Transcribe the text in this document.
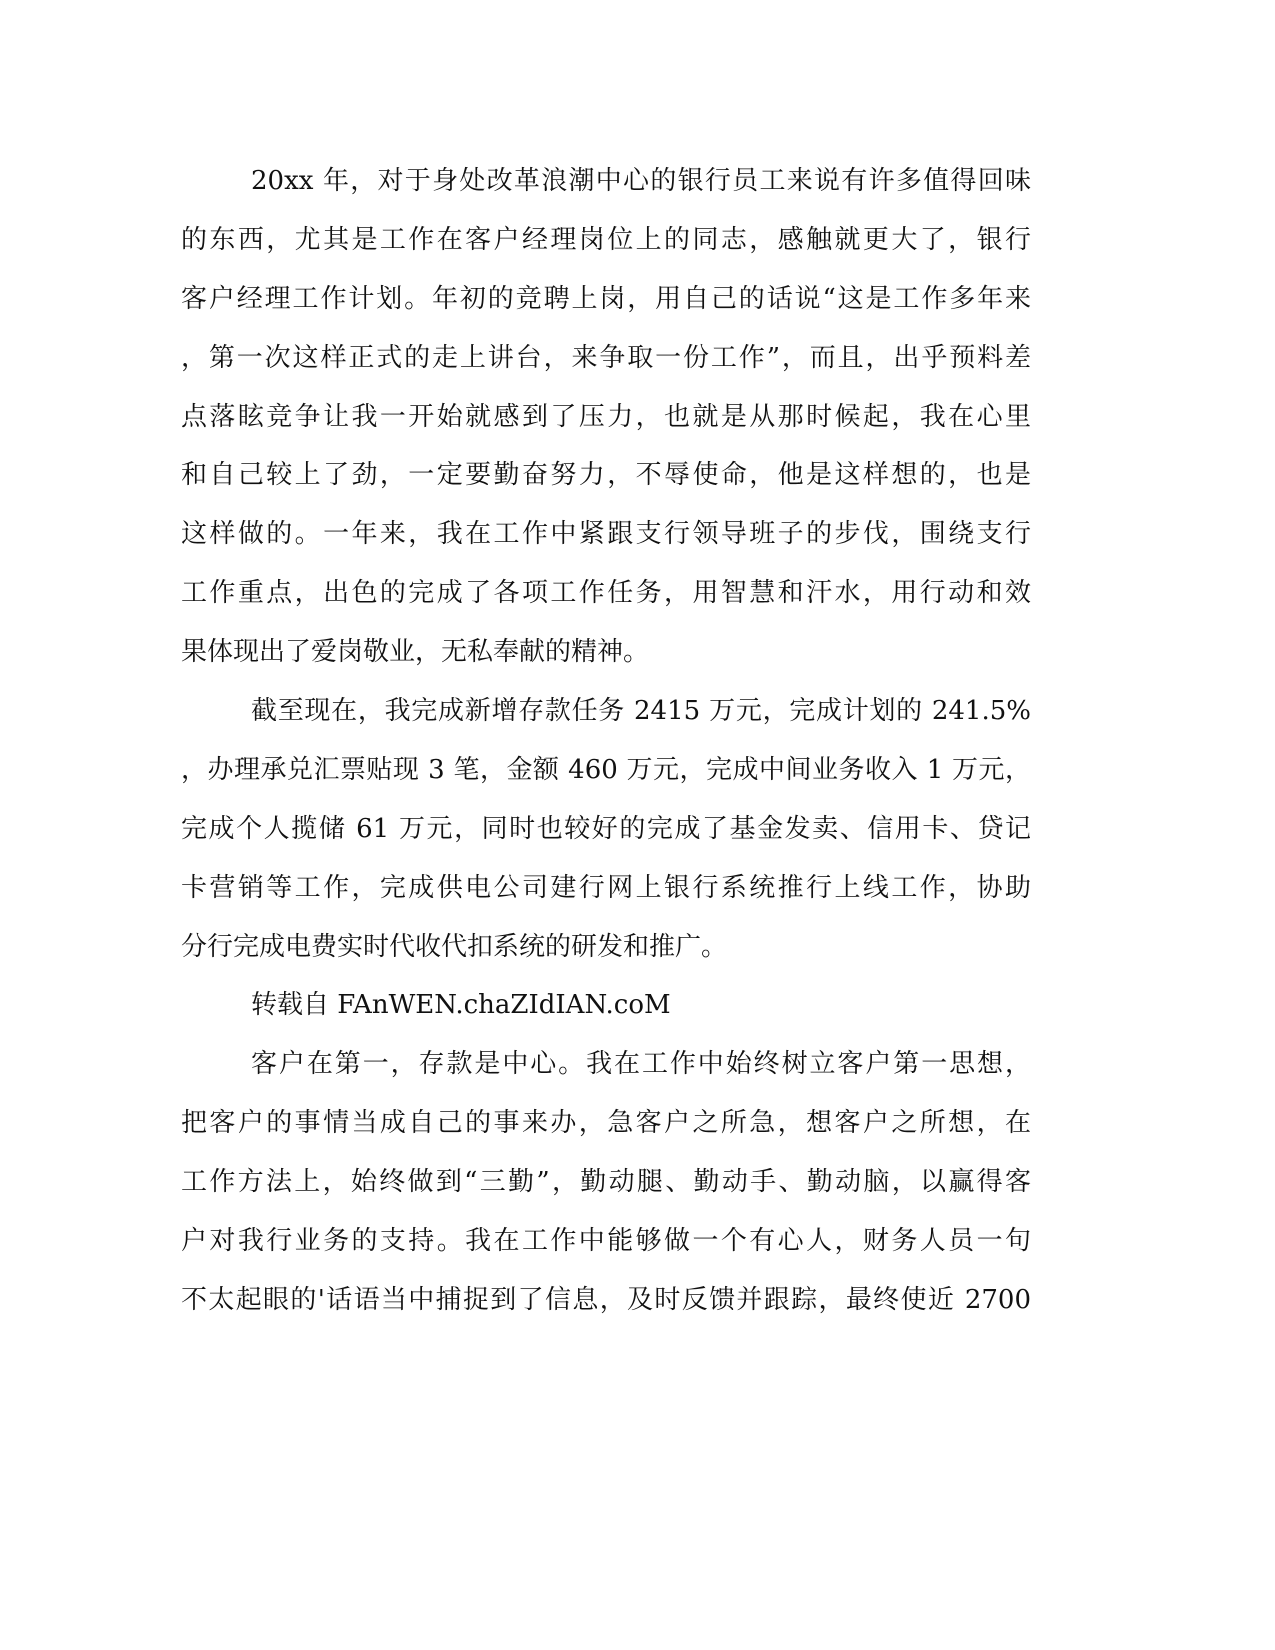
20xx 年，对于身处改革浪潮中心的银行员工来说有许多值得回味
的东西，尤其是工作在客户经理岗位上的同志，感触就更大了，银行
客户经理工作计划。年初的竞聘上岗，用自己的话说“这是工作多年来
，第一次这样正式的走上讲台，来争取一份工作”，而且，出乎预料差
点落眩竞争让我一开始就感到了压力，也就是从那时候起，我在心里
和自己较上了劲，一定要勤奋努力，不辱使命，他是这样想的，也是
这样做的。一年来，我在工作中紧跟支行领导班子的步伐，围绕支行
工作重点，出色的完成了各项工作任务，用智慧和汗水，用行动和效
果体现出了爱岗敬业，无私奉献的精神。
截至现在，我完成新增存款任务 2415 万元，完成计划的 241.5%
，办理承兑汇票贴现 3 笔，金额 460 万元，完成中间业务收入 1 万元，
完成个人揽储 61 万元，同时也较好的完成了基金发卖、信用卡、贷记
卡营销等工作，完成供电公司建行网上银行系统推行上线工作，协助
分行完成电费实时代收代扣系统的研发和推广。
转载自 FAnWEN.chaZIdIAN.coM
客户在第一，存款是中心。我在工作中始终树立客户第一思想，
把客户的事情当成自己的事来办，急客户之所急，想客户之所想，在
工作方法上，始终做到“三勤”，勤动腿、勤动手、勤动脑，以赢得客
户对我行业务的支持。我在工作中能够做一个有心人，财务人员一句
不太起眼的'话语当中捕捉到了信息，及时反馈并跟踪，最终使近 2700
